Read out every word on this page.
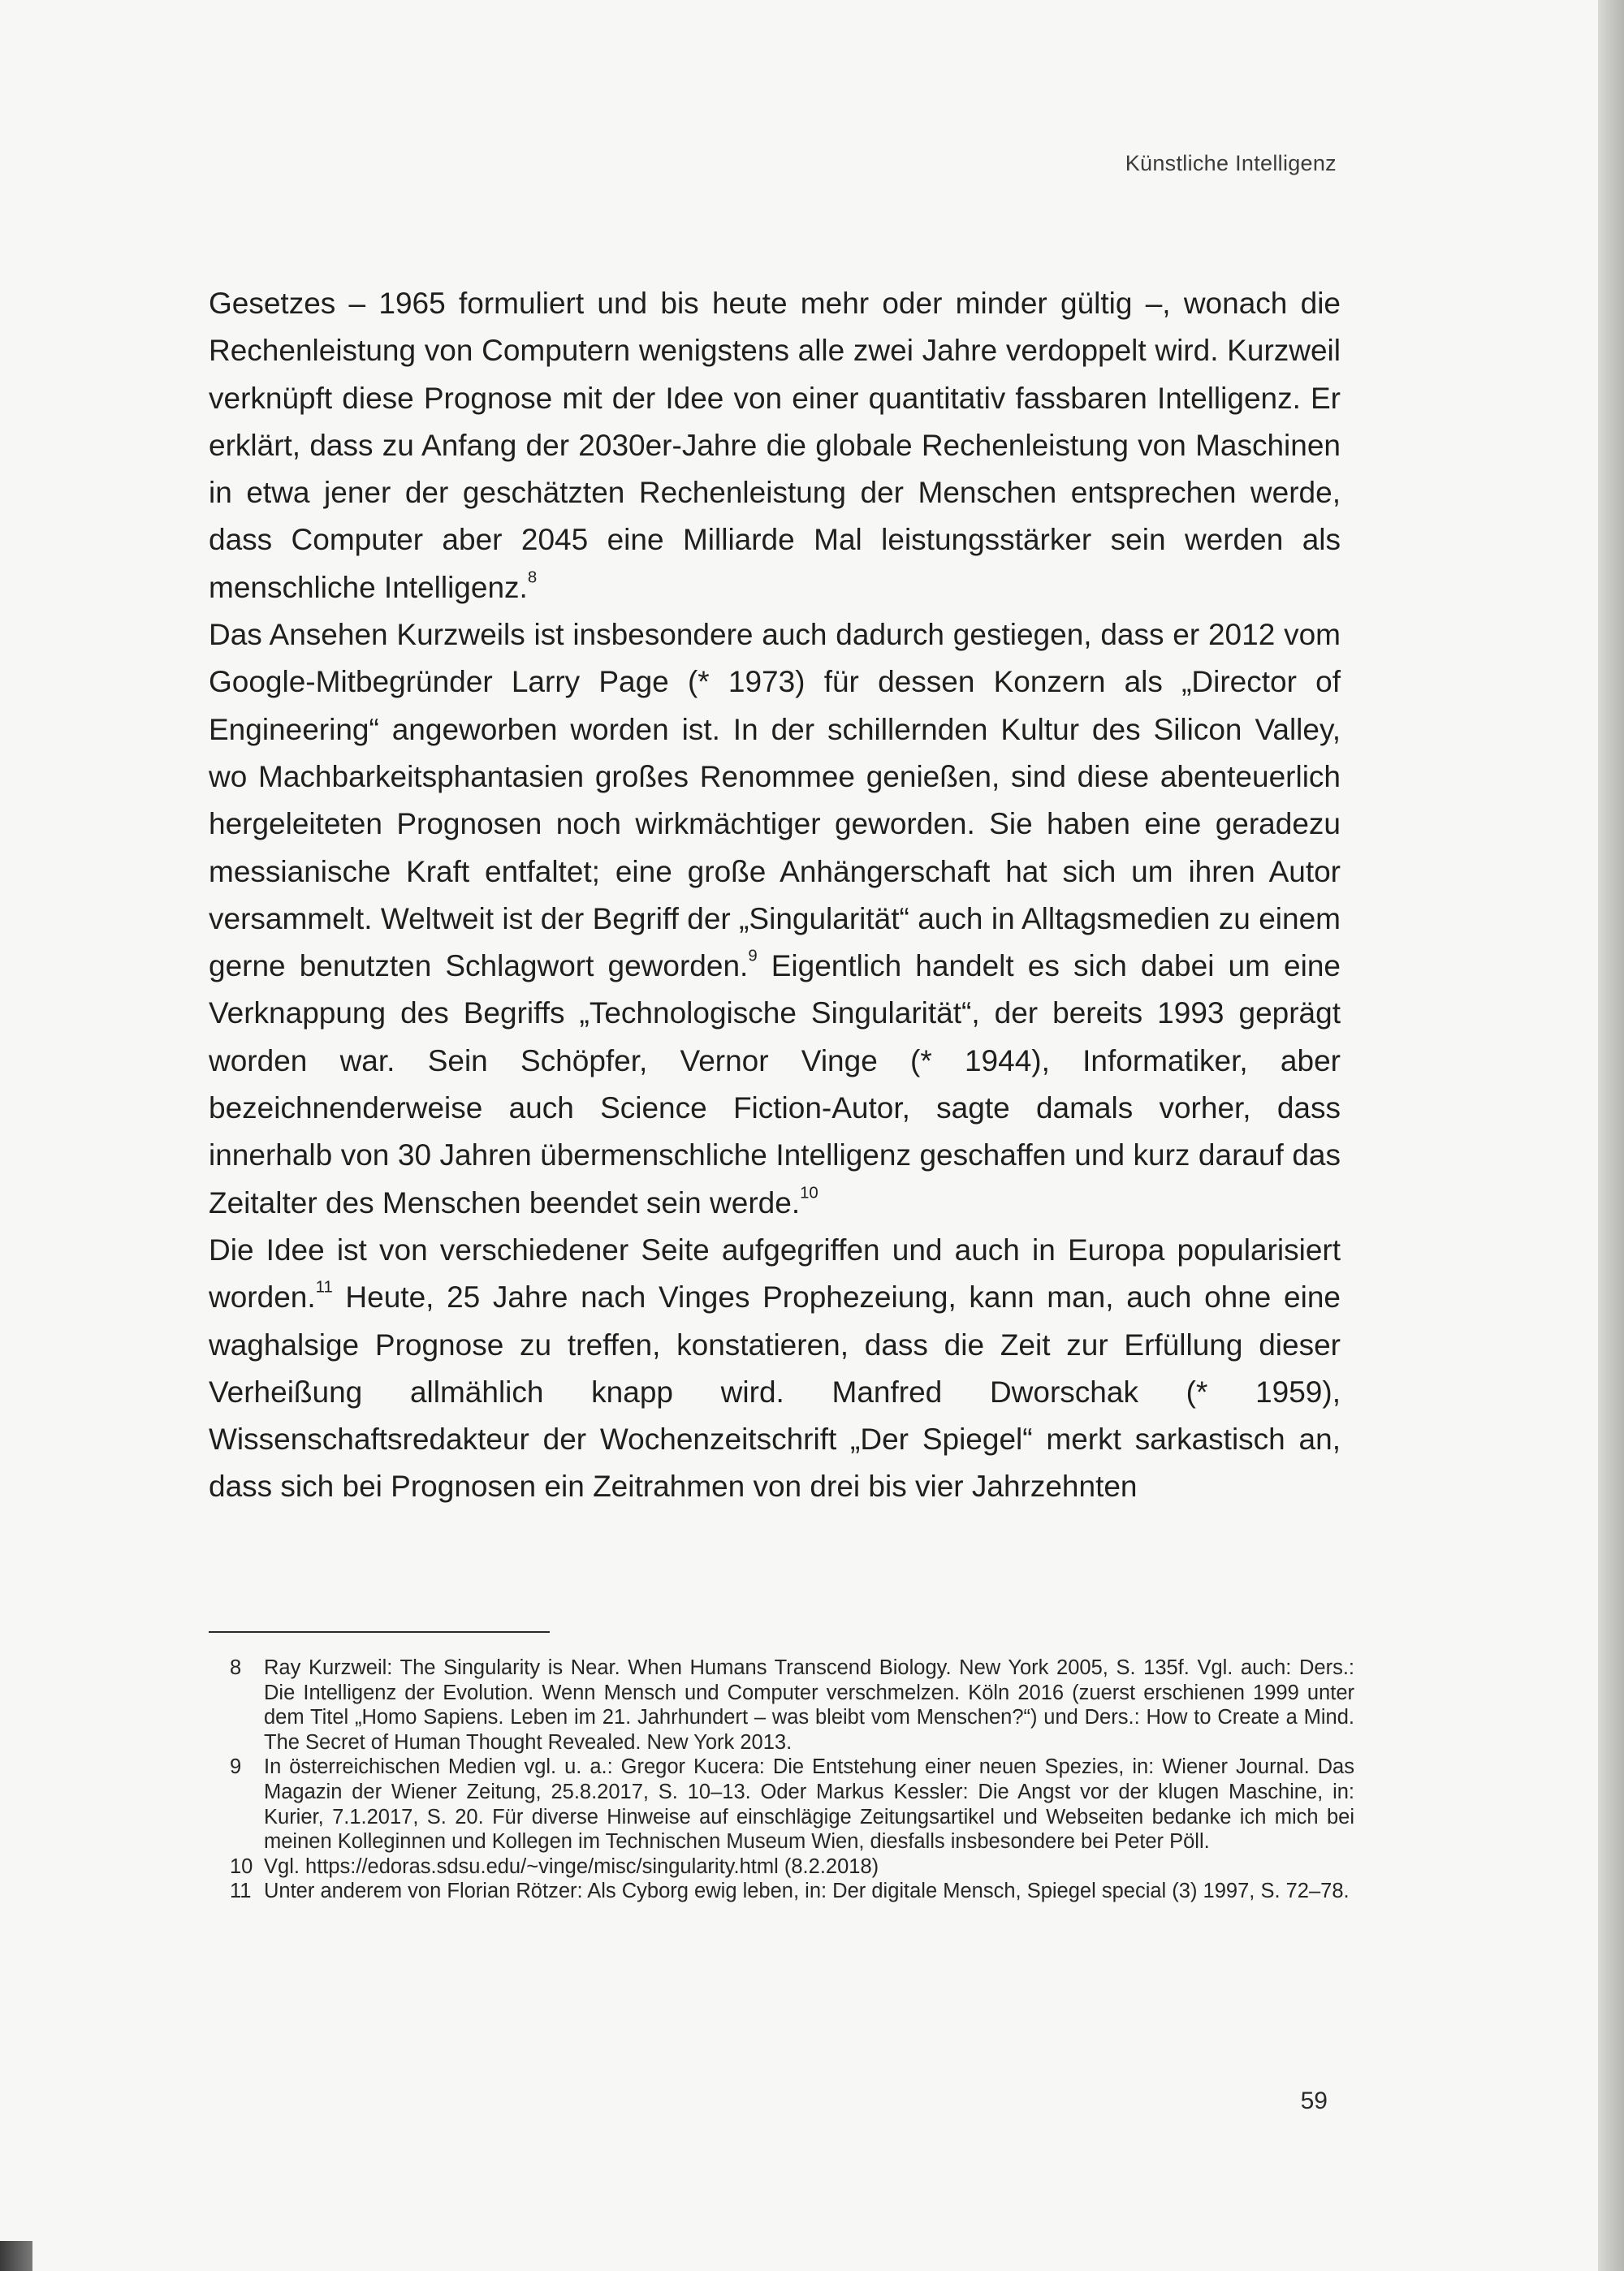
Künstliche Intelligenz

Gesetzes – 1965 formuliert und bis heute mehr oder minder gültig –, wonach die Rechenleistung von Computern wenigstens alle zwei Jahre verdoppelt wird. Kurzweil verknüpft diese Prognose mit der Idee von einer quantitativ fassbaren Intelligenz. Er erklärt, dass zu Anfang der 2030er-Jahre die globale Rechenleistung von Maschinen in etwa jener der geschätzten Rechenleistung der Menschen entsprechen werde, dass Computer aber 2045 eine Milliarde Mal leistungsstärker sein werden als menschliche Intelligenz.$^8$

Das Ansehen Kurzweils ist insbesondere auch dadurch gestiegen, dass er 2012 vom Google-Mitbegründer Larry Page (* 1973) für dessen Konzern als „Director of Engineering“ angeworben worden ist. In der schillernden Kultur des Silicon Valley, wo Machbarkeitsphantasien großes Renommee genießen, sind diese abenteuerlich hergeleiteten Prognosen noch wirkmächtiger geworden. Sie haben eine geradezu messianische Kraft entfaltet; eine große Anhängerschaft hat sich um ihren Autor versammelt. Weltweit ist der Begriff der „Singularität“ auch in Alltagsmedien zu einem gerne benutzten Schlagwort geworden.$^9$ Eigentlich handelt es sich dabei um eine Verknappung des Begriffs „Technologische Singularität“, der bereits 1993 geprägt worden war. Sein Schöpfer, Vernor Vinge (* 1944), Informatiker, aber bezeichnenderweise auch Science Fiction-Autor, sagte damals vorher, dass innerhalb von 30 Jahren übermenschliche Intelligenz geschaffen und kurz darauf das Zeitalter des Menschen beendet sein werde.$^{10}$

Die Idee ist von verschiedener Seite aufgegriffen und auch in Europa popularisiert worden.$^{11}$ Heute, 25 Jahre nach Vinges Prophezeiung, kann man, auch ohne eine waghalsige Prognose zu treffen, konstatieren, dass die Zeit zur Erfüllung dieser Verheißung allmählich knapp wird. Manfred Dworschak (* 1959), Wissenschaftsredakteur der Wochenzeitschrift „Der Spiegel“ merkt sarkastisch an, dass sich bei Prognosen ein Zeitrahmen von drei bis vier Jahrzehnten

8	Ray Kurzweil: The Singularity is Near. When Humans Transcend Biology. New York 2005, S. 135f. Vgl. auch: Ders.: Die Intelligenz der Evolution. Wenn Mensch und Computer verschmelzen. Köln 2016 (zuerst erschienen 1999 unter dem Titel „Homo Sapiens. Leben im 21. Jahrhundert – was bleibt vom Menschen?“) und Ders.: How to Create a Mind. The Secret of Human Thought Revealed. New York 2013.
9	In österreichischen Medien vgl. u. a.: Gregor Kucera: Die Entstehung einer neuen Spezies, in: Wiener Journal. Das Magazin der Wiener Zeitung, 25.8.2017, S. 10–13. Oder Markus Kessler: Die Angst vor der klugen Maschine, in: Kurier, 7.1.2017, S. 20. Für diverse Hinweise auf einschlägige Zeitungsartikel und Webseiten bedanke ich mich bei meinen Kolleginnen und Kollegen im Technischen Museum Wien, diesfalls insbesondere bei Peter Pöll.
10 Vgl. https://edoras.sdsu.edu/~vinge/misc/singularity.html (8.2.2018)
11 Unter anderem von Florian Rötzer: Als Cyborg ewig leben, in: Der digitale Mensch, Spiegel special (3) 1997, S. 72–78.
59
